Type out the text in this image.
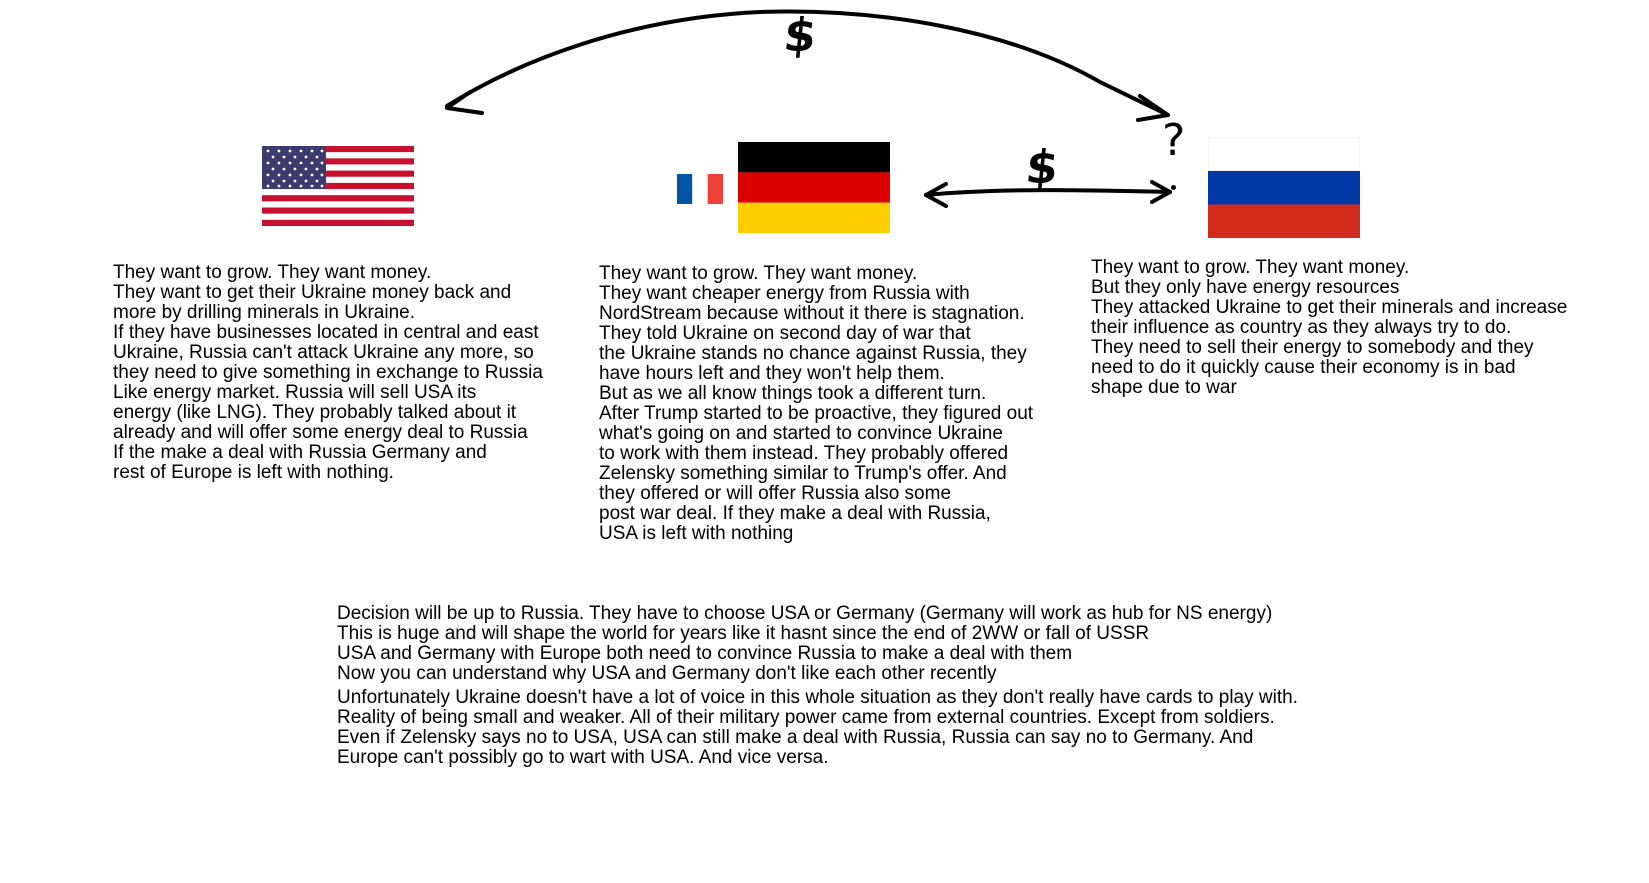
$
$ ?
They want to grow. They want money.
They want to get their Ukraine money back and
more by drilling minerals in Ukraine.
If they have businesses located in central and east
Ukraine, Russia can't attack Ukraine any more, so
they need to give something in exchange to Russia
Like energy market. Russia will sell USA its
energy (like LNG). They probably talked about it
already and will offer some energy deal to Russia
If the make a deal with Russia Germany and
rest of Europe is left with nothing.
They want to grow. They want money.
They want cheaper energy from Russia with
NordStream because without it there is stagnation.
They told Ukraine on second day of war that
the Ukraine stands no chance against Russia, they
have hours left and they won't help them.
But as we all know things took a different turn.
After Trump started to be proactive, they figured out
what's going on and started to convince Ukraine
to work with them instead. They probably offered
Zelensky something similar to Trump's offer. And
they offered or will offer Russia also some
post war deal. If they make a deal with Russia,
USA is left with nothing
They want to grow. They want money.
But they only have energy resources
They attacked Ukraine to get their minerals and increase
their influence as country as they always try to do.
They need to sell their energy to somebody and they
need to do it quickly cause their economy is in bad
shape due to war
Decision will be up to Russia. They have to choose USA or Germany (Germany will work as hub for NS energy)
This is huge and will shape the world for years like it hasnt since the end of 2WW or fall of USSR
USA and Germany with Europe both need to convince Russia to make a deal with them
Now you can understand why USA and Germany don't like each other recently
Unfortunately Ukraine doesn't have a lot of voice in this whole situation as they don't really have cards to play with.
Reality of being small and weaker. All of their military power came from external countries. Except from soldiers.
Even if Zelensky says no to USA, USA can still make a deal with Russia, Russia can say no to Germany. And
Europe can't possibly go to wart with USA. And vice versa.
